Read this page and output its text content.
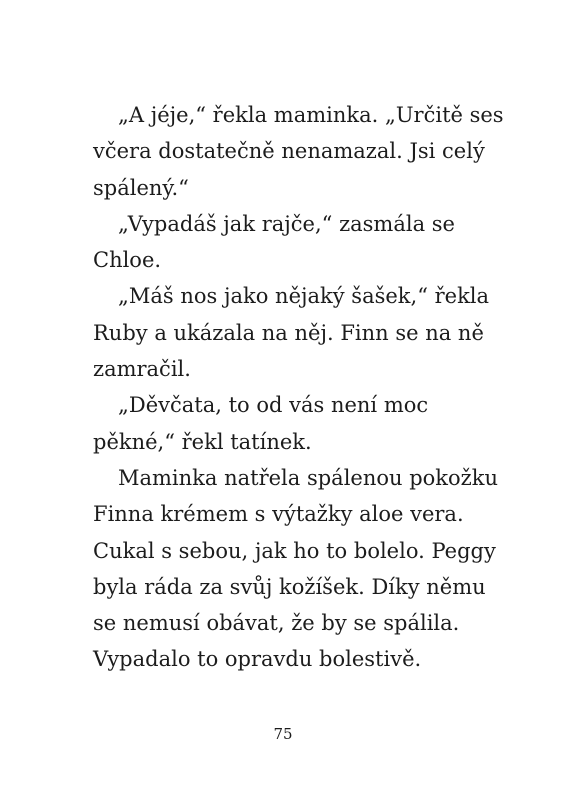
„A jéje,“ řekla maminka. „Určitě ses
včera dostatečně nenamazal. Jsi celý
spálený.“

„Vypadáš jak rajče,“ zasmála se
Chloe.

„Máš nos jako nějaký šašek,“ řekla
Ruby a ukázala na něj. Finn se na ně
zamračil.

„Děvčata, to od vás není moc
pěkné,“ řekl tatínek.

Maminka natřela spálenou pokožku
Finna krémem s výtažky aloe vera.
Cukal s sebou, jak ho to bolelo. Peggy
byla ráda za svůj kožíšek. Díky němu
se nemusí obávat, že by se spálila.
Vypadalo to opravdu bolestivě.

75
